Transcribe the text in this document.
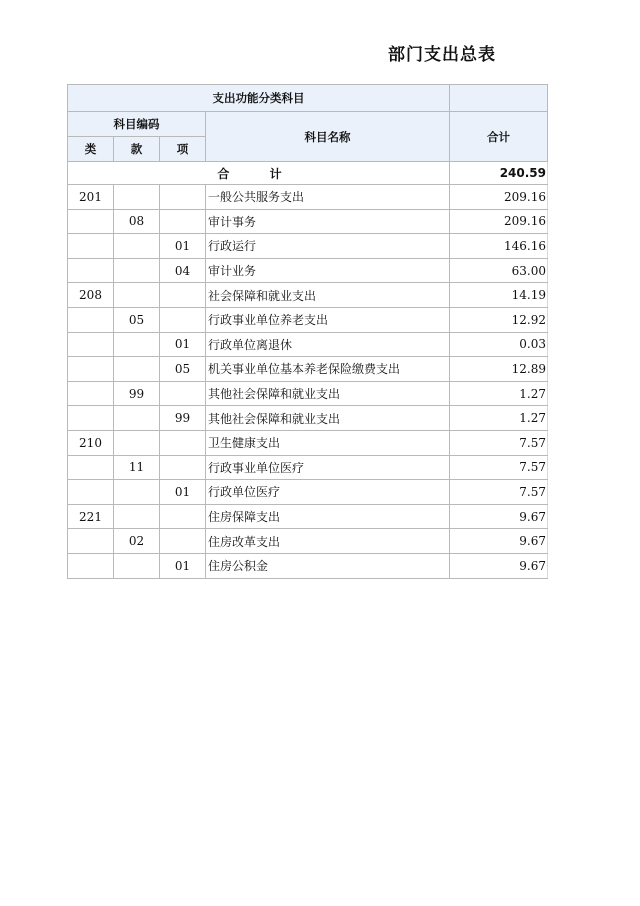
部门支出总表
支出功能分类科目				
科目编码			科目名称	合计
类	款	项		
合 计				240.59
201			一般公共服务支出	209.16
	08		审计事务	209.16
		01	行政运行	146.16
		04	审计业务	63.00
208			社会保障和就业支出	14.19
	05		行政事业单位养老支出	12.92
		01	行政单位离退休	0.03
		05	机关事业单位基本养老保险缴费支出	12.89
	99		其他社会保障和就业支出	1.27
		99	其他社会保障和就业支出	1.27
210			卫生健康支出	7.57
	11		行政事业单位医疗	7.57
		01	行政单位医疗	7.57
221			住房保障支出	9.67
	02		住房改革支出	9.67
		01	住房公积金	9.67
